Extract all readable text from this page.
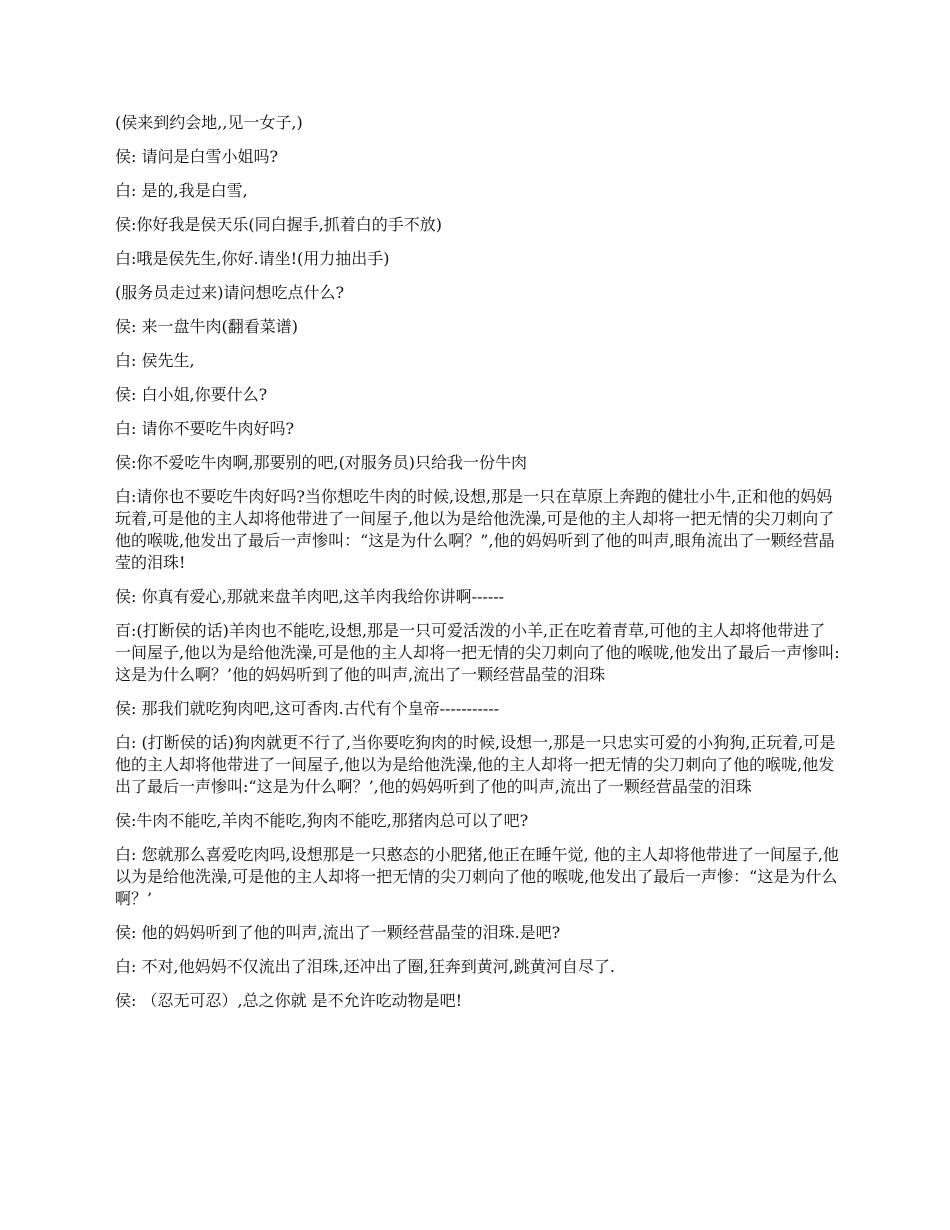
(侯来到约会地,,见一女子,)

侯: 请问是白雪小姐吗?

白: 是的,我是白雪,

侯:你好我是侯天乐(同白握手,抓着白的手不放)

白:哦是侯先生,你好.请坐!(用力抽出手)

(服务员走过来)请问想吃点什么?

侯: 来一盘牛肉(翻看菜谱)

白: 侯先生,

侯: 白小姐,你要什么?

白: 请你不要吃牛肉好吗?

侯:你不爱吃牛肉啊,那要别的吧,(对服务员)只给我一份牛肉

白:请你也不要吃牛肉好吗?当你想吃牛肉的时候,设想,那是一只在草原上奔跑的健壮小牛,正和他的妈妈玩着,可是他的主人却将他带进了一间屋子,他以为是给他洗澡,可是他的主人却将一把无情的尖刀刺向了他的喉咙,他发出了最后一声惨叫：“这是为什么啊？”,他的妈妈听到了他的叫声,眼角流出了一颗经营晶莹的泪珠!

侯: 你真有爱心,那就来盘羊肉吧,这羊肉我给你讲啊------

百:(打断侯的话)羊肉也不能吃,设想,那是一只可爱活泼的小羊,正在吃着青草,可他的主人却将他带进了一间屋子,他以为是给他洗澡,可是他的主人却将一把无情的尖刀刺向了他的喉咙,他发出了最后一声惨叫:这是为什么啊？’他的妈妈听到了他的叫声,流出了一颗经营晶莹的泪珠

侯: 那我们就吃狗肉吧,这可香肉.古代有个皇帝-----------

白: (打断侯的话)狗肉就更不行了,当你要吃狗肉的时候,设想一,那是一只忠实可爱的小狗狗,正玩着,可是他的主人却将他带进了一间屋子,他以为是给他洗澡,他的主人却将一把无情的尖刀刺向了他的喉咙,他发出了最后一声惨叫:“这是为什么啊？’,他的妈妈听到了他的叫声,流出了一颗经营晶莹的泪珠

侯:牛肉不能吃,羊肉不能吃,狗肉不能吃,那猪肉总可以了吧?

白: 您就那么喜爱吃肉吗,设想那是一只憨态的小肥猪,他正在睡午觉, 他的主人却将他带进了一间屋子,他以为是给他洗澡,可是他的主人却将一把无情的尖刀刺向了他的喉咙,他发出了最后一声惨：“这是为什么啊？’

侯: 他的妈妈听到了他的叫声,流出了一颗经营晶莹的泪珠.是吧?

白: 不对,他妈妈不仅流出了泪珠,还冲出了圈,狂奔到黄河,跳黄河自尽了.

侯: （忍无可忍）,总之你就 是不允许吃动物是吧!
